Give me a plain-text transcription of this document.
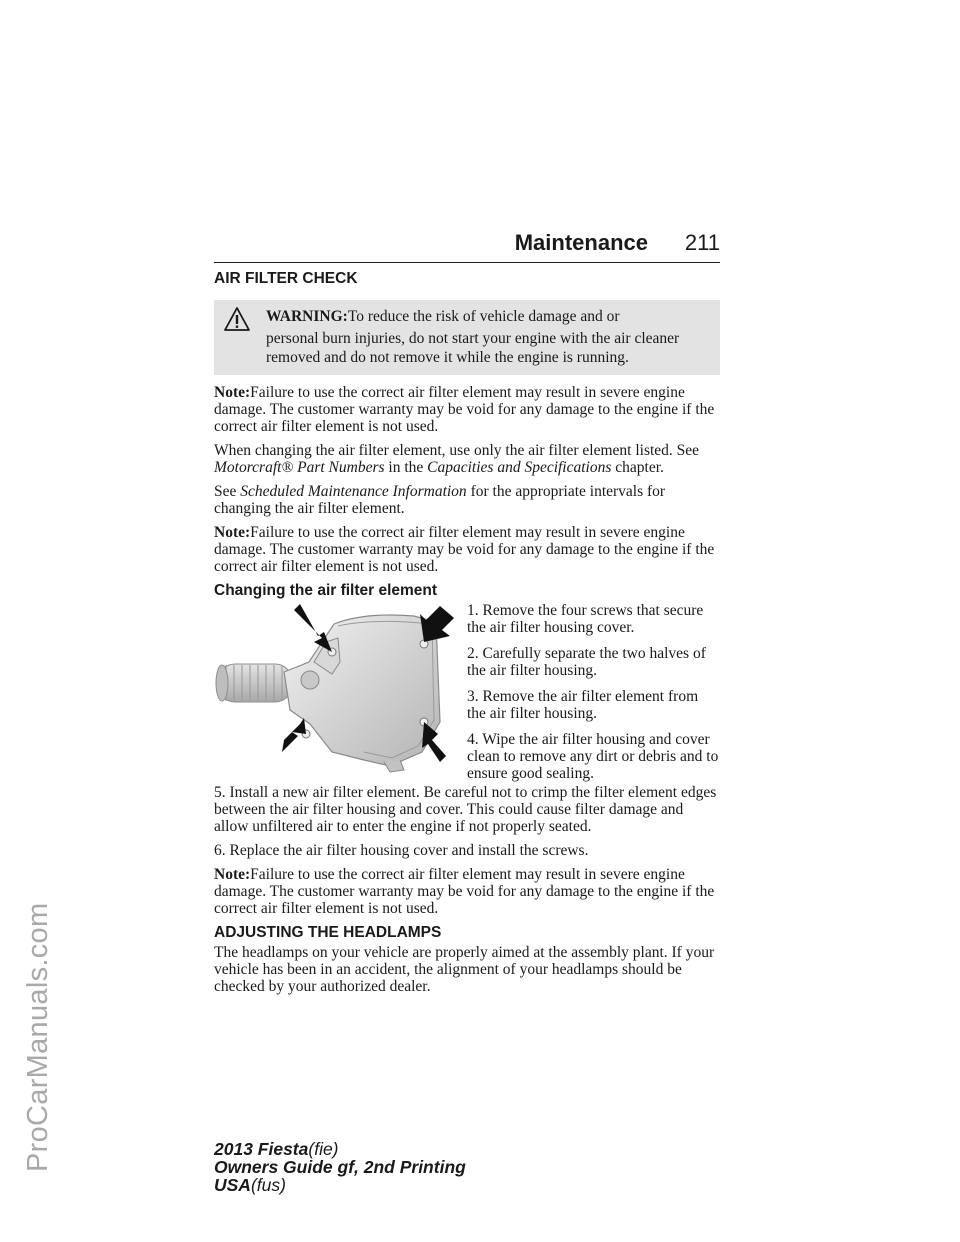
ProCarManuals.com
Maintenance 211
AIR FILTER CHECK

WARNING:To reduce the risk of vehicle damage and or

personal burn injuries, do not start your engine with the air cleaner removed and do not remove it while the engine is running.

Note:Failure to use the correct air filter element may result in severe engine damage. The customer warranty may be void for any damage to the engine if the correct air filter element is not used.

When changing the air filter element, use only the air filter element listed. See Motorcraft® Part Numbers in the Capacities and Specifications chapter.

See Scheduled Maintenance Information for the appropriate intervals for changing the air filter element.

Note:Failure to use the correct air filter element may result in severe engine damage. The customer warranty may be void for any damage to the engine if the correct air filter element is not used.

Changing the air filter element

1. Remove the four screws that secure the air filter housing cover.

2. Carefully separate the two halves of the air filter housing.

3. Remove the air filter element from the air filter housing.

4. Wipe the air filter housing and cover clean to remove any dirt or debris and to ensure good sealing.

5. Install a new air filter element. Be careful not to crimp the filter element edges between the air filter housing and cover. This could cause filter damage and allow unfiltered air to enter the engine if not properly seated.

6. Replace the air filter housing cover and install the screws.

Note:Failure to use the correct air filter element may result in severe engine damage. The customer warranty may be void for any damage to the engine if the correct air filter element is not used.

ADJUSTING THE HEADLAMPS

The headlamps on your vehicle are properly aimed at the assembly plant. If your vehicle has been in an accident, the alignment of your headlamps should be checked by your authorized dealer.

2013 Fiesta(fie)
Owners Guide gf, 2nd Printing
USA(fus)
